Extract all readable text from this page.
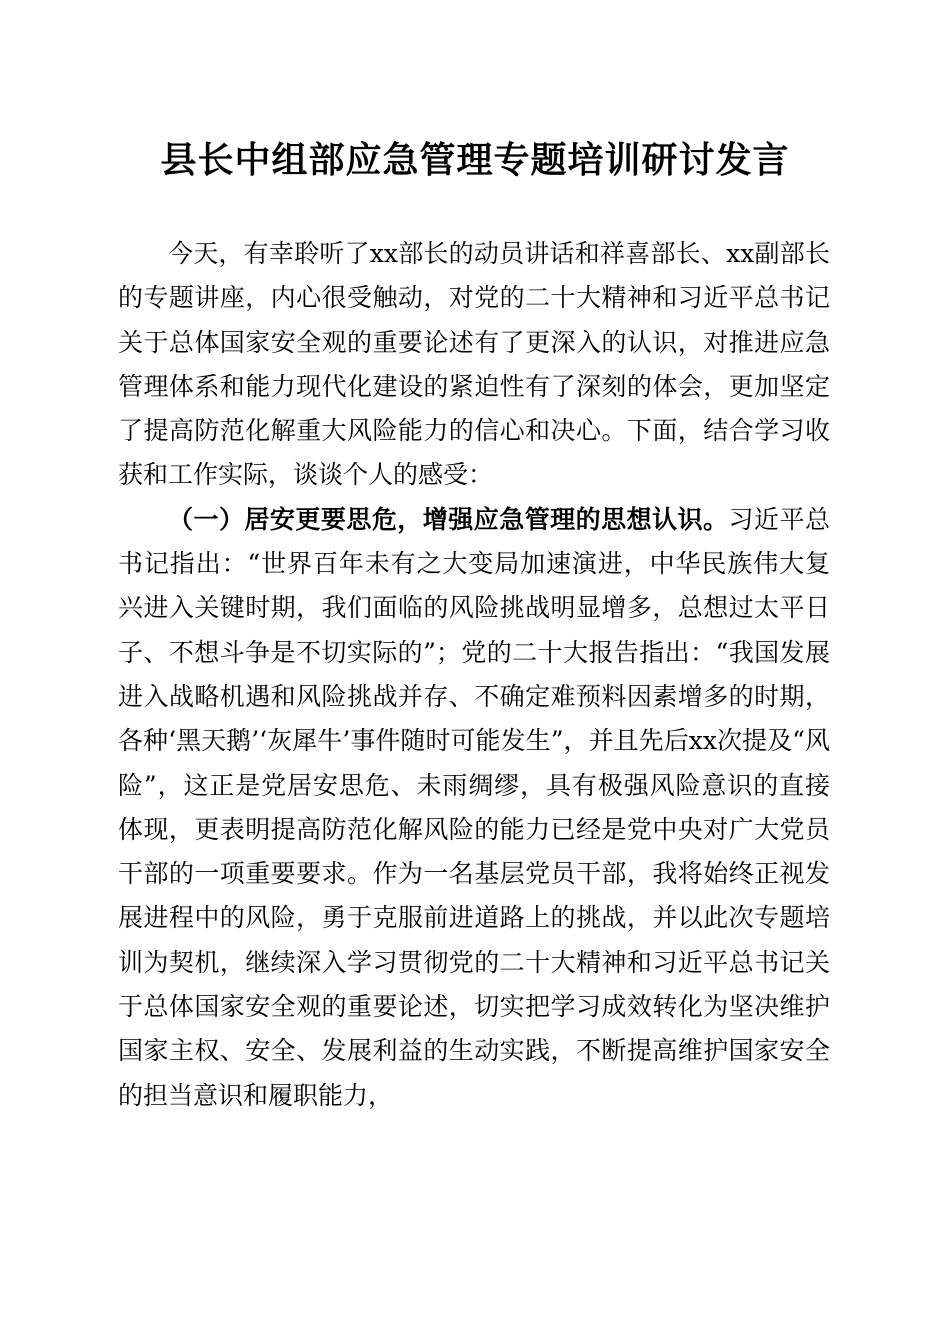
县长中组部应急管理专题培训研讨发言

今天，有幸聆听了xx部长的动员讲话和祥喜部长、xx副部长的专题讲座，内心很受触动，对党的二十大精神和习近平总书记关于总体国家安全观的重要论述有了更深入的认识，对推进应急管理体系和能力现代化建设的紧迫性有了深刻的体会，更加坚定了提高防范化解重大风险能力的信心和决心。下面，结合学习收获和工作实际，谈谈个人的感受：

（一）居安更要思危，增强应急管理的思想认识。习近平总书记指出：“世界百年未有之大变局加速演进，中华民族伟大复兴进入关键时期，我们面临的风险挑战明显增多，总想过太平日子、不想斗争是不切实际的”；党的二十大报告指出：“我国发展进入战略机遇和风险挑战并存、不确定难预料因素增多的时期，各种‘黑天鹅’‘灰犀牛’事件随时可能发生”，并且先后xx次提及“风险”，这正是党居安思危、未雨绸缪，具有极强风险意识的直接体现，更表明提高防范化解风险的能力已经是党中央对广大党员干部的一项重要要求。作为一名基层党员干部，我将始终正视发展进程中的风险，勇于克服前进道路上的挑战，并以此次专题培训为契机，继续深入学习贯彻党的二十大精神和习近平总书记关于总体国家安全观的重要论述，切实把学习成效转化为坚决维护国家主权、安全、发展利益的生动实践，不断提高维护国家安全的担当意识和履职能力，
